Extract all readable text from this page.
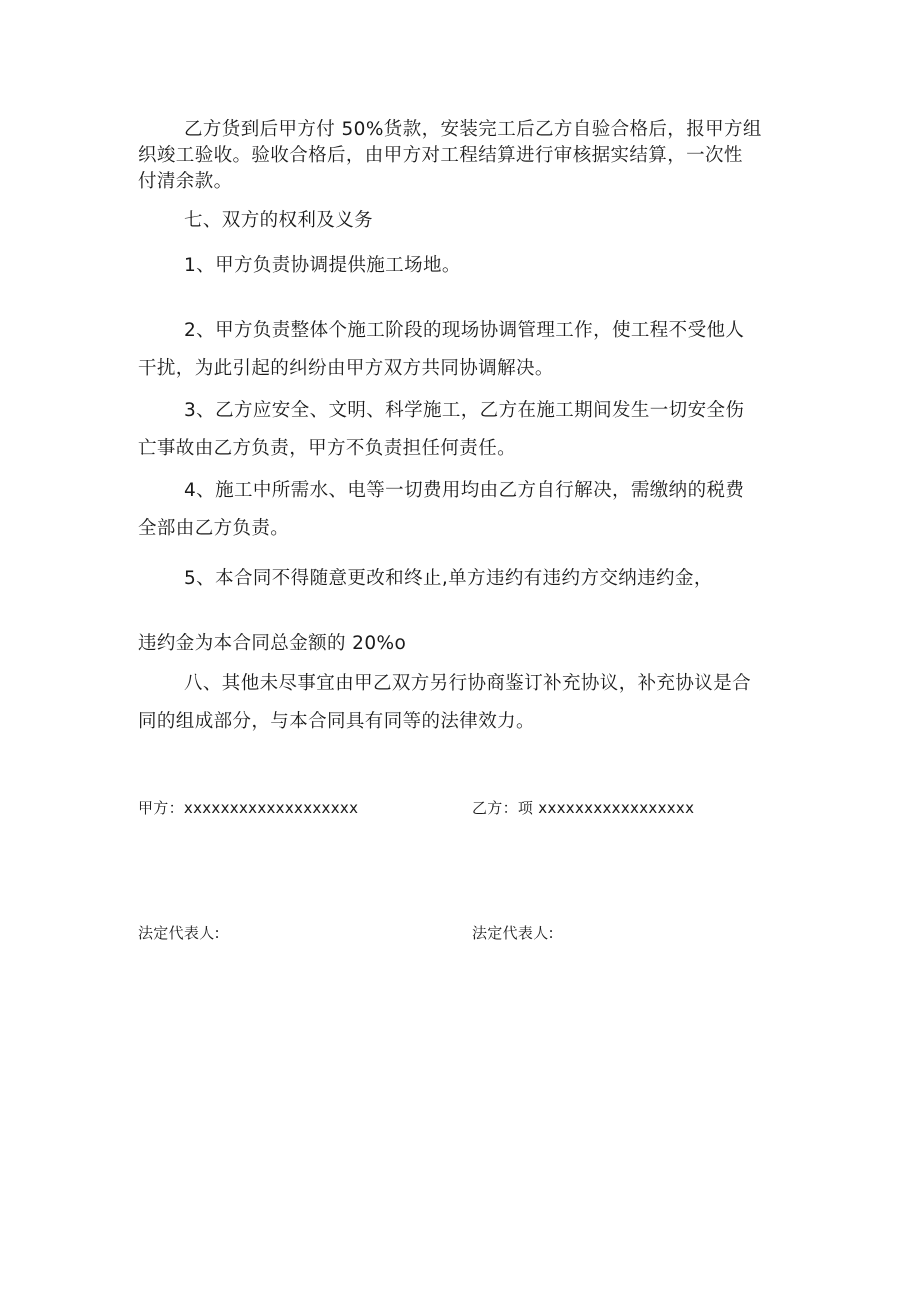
乙方货到后甲方付 50%货款，安装完工后乙方自验合格后，报甲方组
织竣工验收。验收合格后，由甲方对工程结算进行审核据实结算，一次性
付清余款。

七、双方的权利及义务

1、甲方负责协调提供施工场地。

2、甲方负责整体个施工阶段的现场协调管理工作，使工程不受他人
干扰，为此引起的纠纷由甲方双方共同协调解决。

3、乙方应安全、文明、科学施工，乙方在施工期间发生一切安全伤
亡事故由乙方负责，甲方不负责担任何责任。

4、施工中所需水、电等一切费用均由乙方自行解决，需缴纳的税费
全部由乙方负责。

5、本合同不得随意更改和终止,单方违约有违约方交纳违约金，

违约金为本合同总金额的 20%o

八、其他未尽事宜由甲乙双方另行协商鉴订补充协议，补充协议是合
同的组成部分，与本合同具有同等的法律效力。

甲方：xxxxxxxxxxxxxxxxxxx	乙方：项 xxxxxxxxxxxxxxxxx
法定代表人:	法定代表人:
